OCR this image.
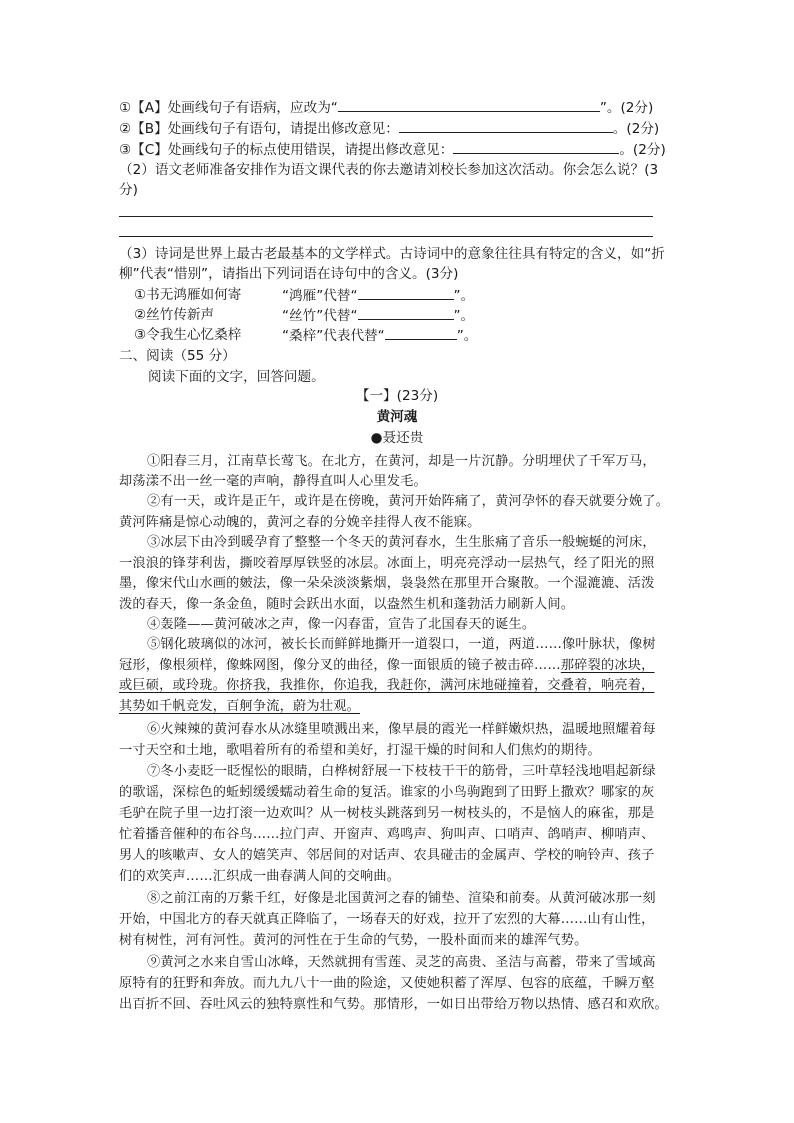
①【A】处画线句子有语病，应改为“	”。(2分)
②【B】处画线句子有语句，请提出修改意见：	。(2分)
③【C】处画线句子的标点使用错误，请提出修改意见：	。(2分)
（2）语文老师准备安排作为语文课代表的你去邀请刘校长参加这次活动。你会怎么说？(3
分)
（3）诗词是世界上最古老最基本的文学样式。古诗词中的意象往往具有特定的含义，如“折
柳”代表“惜别”，请指出下列词语在诗句中的含义。(3分)
①书无鸿雁如何寄	“鸿雁”代替“	”。
②丝竹传新声	“丝竹”代替“	”。
③令我生心忆桑梓	“桑梓”代表代替“	”。
二、阅读（55 分）
阅读下面的文字，回答问题。
【一】(23分)
黄河魂
●聂还贵
①阳春三月，江南草长莺飞。在北方，在黄河，却是一片沉静。分明埋伏了千军万马，
却荡漾不出一丝一毫的声响，静得直叫人心里发毛。
②有一天，或许是正午，或许是在傍晚，黄河开始阵痛了，黄河孕怀的春天就要分娩了。
黄河阵痛是惊心动魄的，黄河之春的分娩辛挂得人夜不能寐。
③冰层下由冷到暖孕育了整整一个冬天的黄河春水，生生胀痛了音乐一般蜿蜒的河床，
一浪浪的锋芽利齿，撕咬着厚厚铁竖的冰层。冰面上，明亮亮浮动一层热气，经了阳光的照
墨，像宋代山水画的皴法，像一朵朵淡淡紫烟，袅袅然在那里开合聚散。一个湿漉漉、活泼
泼的春天，像一条金鱼，随时会跃出水面，以盎然生机和蓬勃活力刷新人间。
④轰隆——黄河破冰之声，像一闪春雷，宣告了北国春天的诞生。
⑤钢化玻璃似的冰河，被长长而鲜鲜地撕开一道裂口，一道，两道……像叶脉状，像树
冠形，像根须样，像蛛网图，像分叉的曲径，像一面银质的镜子被击碎……那碎裂的冰块，
或巨硕，或玲珑。你挤我，我推你，你追我，我赶你，满河床地碰撞着，交叠着，响亮着，
其势如千帆竞发，百舸争流，蔚为壮观。
⑥火辣辣的黄河春水从冰缝里喷溅出来，像早晨的霞光一样鲜嫩炽热，温暖地照耀着每
一寸天空和土地，歌唱着所有的希望和美好，打湿干燥的时间和人们焦灼的期待。
⑦冬小麦眨一眨惺忪的眼睛，白桦树舒展一下枝枝干干的筋骨，三叶草轻浅地唱起新绿
的歌谣，深棕色的蚯蚓缓缓蠕动着生命的复活。谁家的小鸟驹跑到了田野上撒欢？哪家的灰
毛驴在院子里一边打滚一边欢叫？从一树枝头跳落到另一树枝头的，不是恼人的麻雀，那是
忙着播音催种的布谷鸟……拉门声、开窗声、鸡鸣声、狗叫声、口哨声、鸽哨声、柳哨声、
男人的咳嗽声、女人的嬉笑声、邻居间的对话声、农具碰击的金属声、学校的响铃声、孩子
们的欢笑声……汇织成一曲春满人间的交响曲。
⑧之前江南的万紫千红，好像是北国黄河之春的铺垫、渲染和前奏。从黄河破冰那一刻
开始，中国北方的春天就真正降临了，一场春天的好戏，拉开了宏烈的大幕……山有山性，
树有树性，河有河性。黄河的河性在于生命的气势，一股朴面而来的雄浑气势。
⑨黄河之水来自雪山冰峰，天然就拥有雪莲、灵芝的高贵、圣洁与高蓄，带来了雪域高
原特有的狂野和奔放。而九九八十一曲的险途，又使她积蓄了浑厚、包容的底蕴，千瞬万壑
出百折不回、吞吐风云的独特禀性和气势。那情形，一如日出带给万物以热情、感召和欢欣。
